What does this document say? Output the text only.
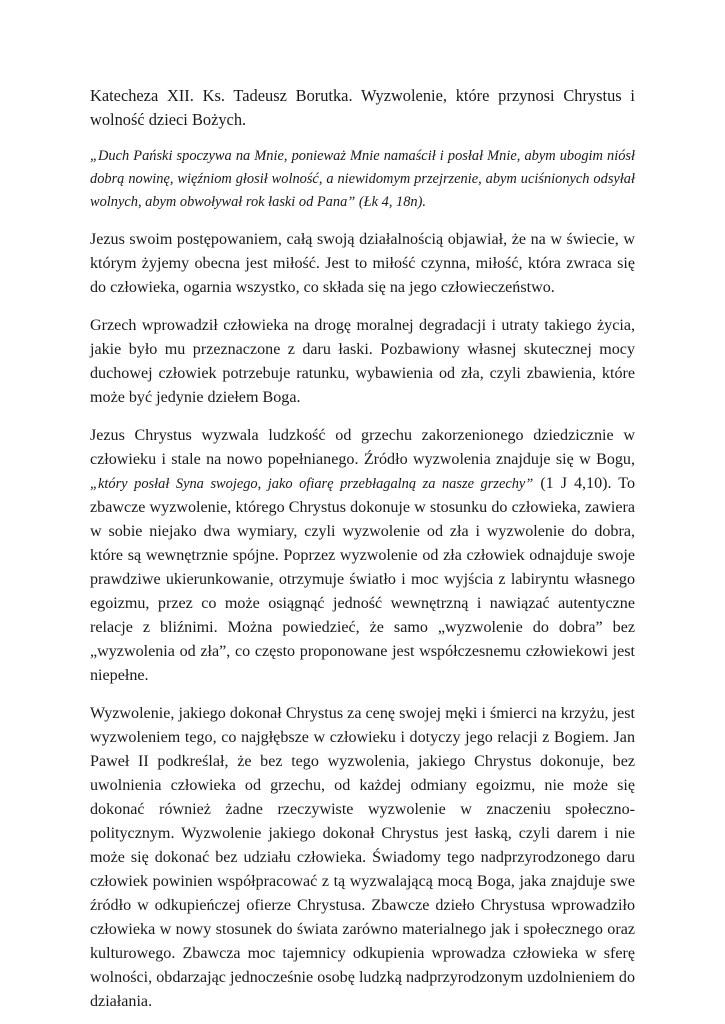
Katecheza XII. Ks. Tadeusz Borutka. Wyzwolenie, które przynosi Chrystus i wolność dzieci Bożych.

„Duch Pański spoczywa na Mnie, ponieważ Mnie namaścił i posłał Mnie, abym ubogim niósł dobrą nowinę, więźniom głosił wolność, a niewidomym przejrzenie, abym uciśnionych odsyłał wolnych, abym obwoływał rok łaski od Pana” (Łk 4, 18n).

Jezus swoim postępowaniem, całą swoją działalnością objawiał, że na w świecie, w którym żyjemy obecna jest miłość. Jest to miłość czynna, miłość, która zwraca się do człowieka, ogarnia wszystko, co składa się na jego człowieczeństwo.

Grzech wprowadził człowieka na drogę moralnej degradacji i utraty takiego życia, jakie było mu przeznaczone z daru łaski. Pozbawiony własnej skutecznej mocy duchowej człowiek potrzebuje ratunku, wybawienia od zła, czyli zbawienia, które może być jedynie dziełem Boga.

Jezus Chrystus wyzwala ludzkość od grzechu zakorzenionego dziedzicznie w człowieku i stale na nowo popełnianego. Źródło wyzwolenia znajduje się w Bogu, „który posłał Syna swojego, jako ofiarę przebłagalną za nasze grzechy” (1 J 4,10). To zbawcze wyzwolenie, którego Chrystus dokonuje w stosunku do człowieka, zawiera w sobie niejako dwa wymiary, czyli wyzwolenie od zła i wyzwolenie do dobra, które są wewnętrznie spójne. Poprzez wyzwolenie od zła człowiek odnajduje swoje prawdziwe ukierunkowanie, otrzymuje światło i moc wyjścia z labiryntu własnego egoizmu, przez co może osiągnąć jedność wewnętrzną i nawiązać autentyczne relacje z bliźnimi. Można powiedzieć, że samo „wyzwolenie do dobra” bez „wyzwolenia od zła”, co często proponowane jest współczesnemu człowiekowi jest niepełne.

Wyzwolenie, jakiego dokonał Chrystus za cenę swojej męki i śmierci na krzyżu, jest wyzwoleniem tego, co najgłębsze w człowieku i dotyczy jego relacji z Bogiem. Jan Paweł II podkreślał, że bez tego wyzwolenia, jakiego Chrystus dokonuje, bez uwolnienia człowieka od grzechu, od każdej odmiany egoizmu, nie może się dokonać również żadne rzeczywiste wyzwolenie w znaczeniu społeczno-politycznym. Wyzwolenie jakiego dokonał Chrystus jest łaską, czyli darem i nie może się dokonać bez udziału człowieka. Świadomy tego nadprzyrodzonego daru człowiek powinien współpracować z tą wyzwalającą mocą Boga, jaka znajduje swe źródło w odkupieńczej ofierze Chrystusa. Zbawcze dzieło Chrystusa wprowadziło człowieka w nowy stosunek do świata zarówno materialnego jak i społecznego oraz kulturowego. Zbawcza moc tajemnicy odkupienia wprowadza człowieka w sferę wolności, obdarzając jednocześnie osobę ludzką nadprzyrodzonym uzdolnieniem do działania.
